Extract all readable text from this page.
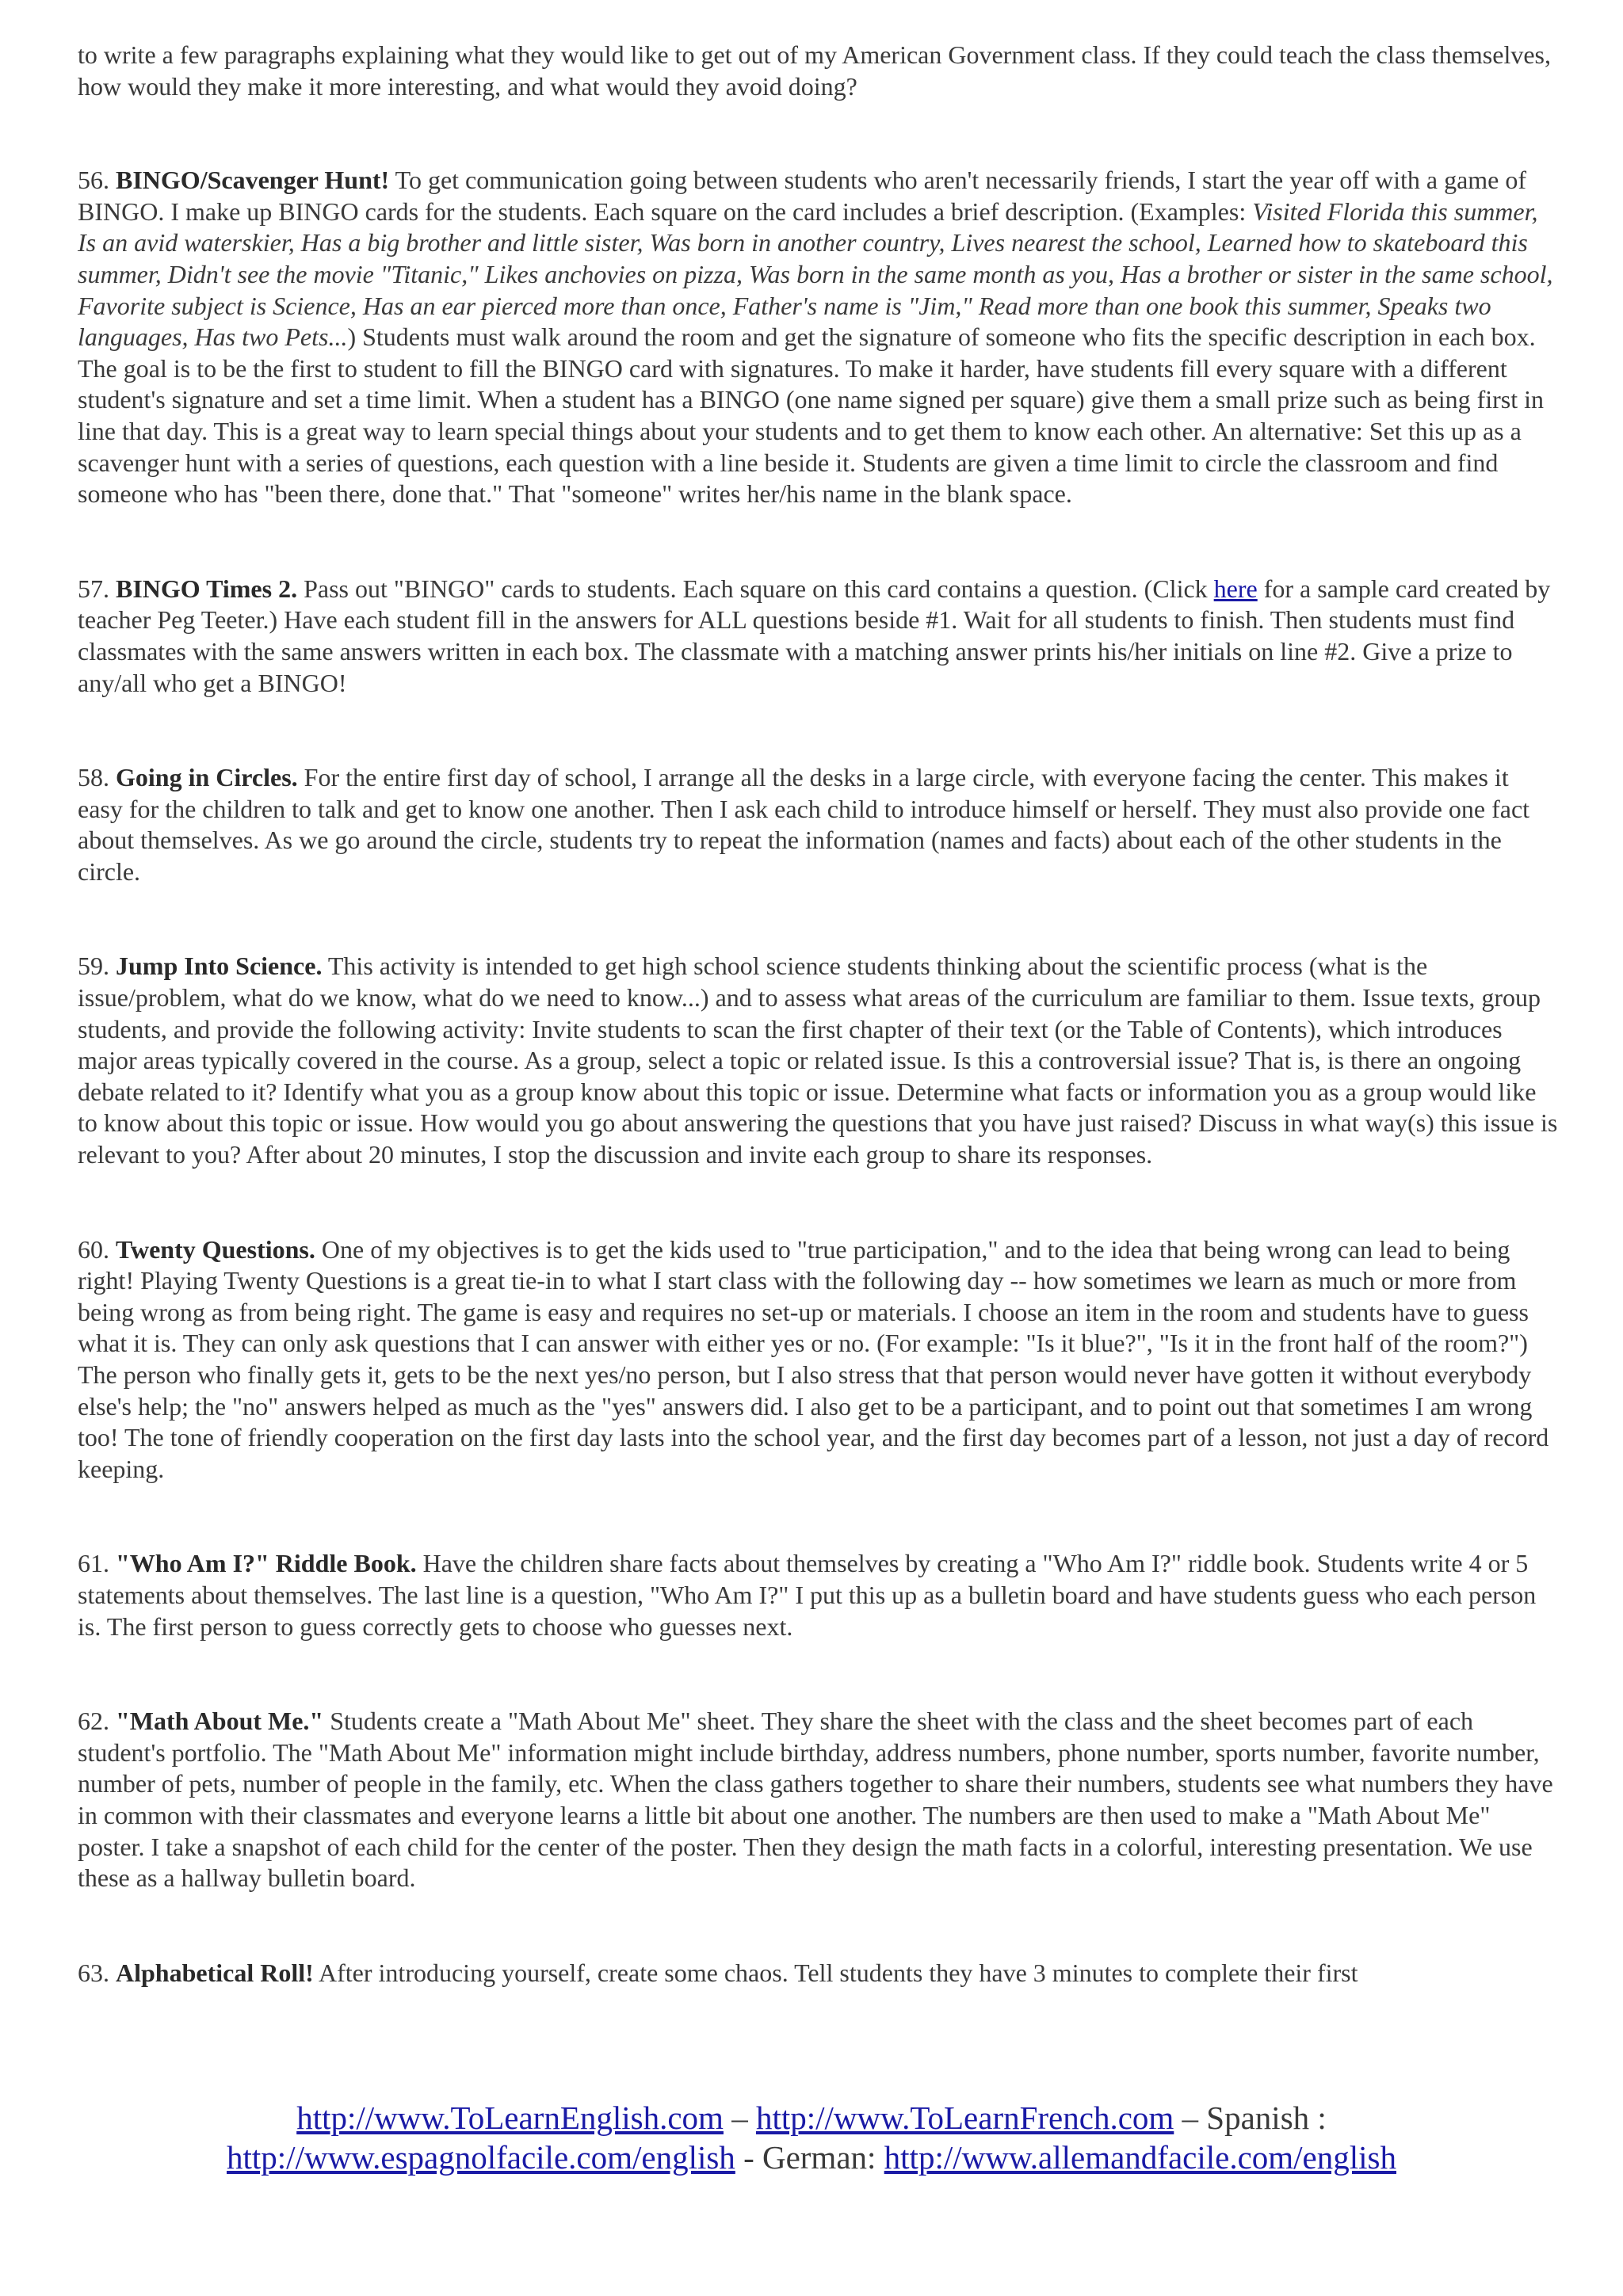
to write a few paragraphs explaining what they would like to get out of my American Government class. If they could teach the class themselves, how would they make it more interesting, and what would they avoid doing?

56. BINGO/Scavenger Hunt! To get communication going between students who aren't necessarily friends, I start the year off with a game of BINGO. I make up BINGO cards for the students. Each square on the card includes a brief description. (Examples: Visited Florida this summer, Is an avid waterskier, Has a big brother and little sister, Was born in another country, Lives nearest the school, Learned how to skateboard this summer, Didn't see the movie "Titanic," Likes anchovies on pizza, Was born in the same month as you, Has a brother or sister in the same school, Favorite subject is Science, Has an ear pierced more than once, Father's name is "Jim," Read more than one book this summer, Speaks two languages, Has two Pets...) Students must walk around the room and get the signature of someone who fits the specific description in each box. The goal is to be the first to student to fill the BINGO card with signatures. To make it harder, have students fill every square with a different student's signature and set a time limit. When a student has a BINGO (one name signed per square) give them a small prize such as being first in line that day. This is a great way to learn special things about your students and to get them to know each other. An alternative: Set this up as a scavenger hunt with a series of questions, each question with a line beside it. Students are given a time limit to circle the classroom and find someone who has "been there, done that." That "someone" writes her/his name in the blank space.

57. BINGO Times 2. Pass out "BINGO" cards to students. Each square on this card contains a question. (Click here for a sample card created by teacher Peg Teeter.) Have each student fill in the answers for ALL questions beside #1. Wait for all students to finish. Then students must find classmates with the same answers written in each box. The classmate with a matching answer prints his/her initials on line #2. Give a prize to any/all who get a BINGO!

58. Going in Circles. For the entire first day of school, I arrange all the desks in a large circle, with everyone facing the center. This makes it easy for the children to talk and get to know one another. Then I ask each child to introduce himself or herself. They must also provide one fact about themselves. As we go around the circle, students try to repeat the information (names and facts) about each of the other students in the circle.

59. Jump Into Science. This activity is intended to get high school science students thinking about the scientific process (what is the issue/problem, what do we know, what do we need to know...) and to assess what areas of the curriculum are familiar to them. Issue texts, group students, and provide the following activity: Invite students to scan the first chapter of their text (or the Table of Contents), which introduces major areas typically covered in the course. As a group, select a topic or related issue. Is this a controversial issue? That is, is there an ongoing debate related to it? Identify what you as a group know about this topic or issue. Determine what facts or information you as a group would like to know about this topic or issue. How would you go about answering the questions that you have just raised? Discuss in what way(s) this issue is relevant to you? After about 20 minutes, I stop the discussion and invite each group to share its responses.

60. Twenty Questions. One of my objectives is to get the kids used to "true participation," and to the idea that being wrong can lead to being right! Playing Twenty Questions is a great tie-in to what I start class with the following day -- how sometimes we learn as much or more from being wrong as from being right. The game is easy and requires no set-up or materials. I choose an item in the room and students have to guess what it is. They can only ask questions that I can answer with either yes or no. (For example: "Is it blue?", "Is it in the front half of the room?") The person who finally gets it, gets to be the next yes/no person, but I also stress that that person would never have gotten it without everybody else's help; the "no" answers helped as much as the "yes" answers did. I also get to be a participant, and to point out that sometimes I am wrong too! The tone of friendly cooperation on the first day lasts into the school year, and the first day becomes part of a lesson, not just a day of record keeping.

61. "Who Am I?" Riddle Book. Have the children share facts about themselves by creating a "Who Am I?" riddle book. Students write 4 or 5 statements about themselves. The last line is a question, "Who Am I?" I put this up as a bulletin board and have students guess who each person is. The first person to guess correctly gets to choose who guesses next.

62. "Math About Me." Students create a "Math About Me" sheet. They share the sheet with the class and the sheet becomes part of each student's portfolio. The "Math About Me" information might include birthday, address numbers, phone number, sports number, favorite number, number of pets, number of people in the family, etc. When the class gathers together to share their numbers, students see what numbers they have in common with their classmates and everyone learns a little bit about one another. The numbers are then used to make a "Math About Me" poster. I take a snapshot of each child for the center of the poster. Then they design the math facts in a colorful, interesting presentation. We use these as a hallway bulletin board.

63. Alphabetical Roll! After introducing yourself, create some chaos. Tell students they have 3 minutes to complete their first

http://www.ToLearnEnglish.com – http://www.ToLearnFrench.com – Spanish :
http://www.espagnolfacile.com/english - German: http://www.allemandfacile.com/english
